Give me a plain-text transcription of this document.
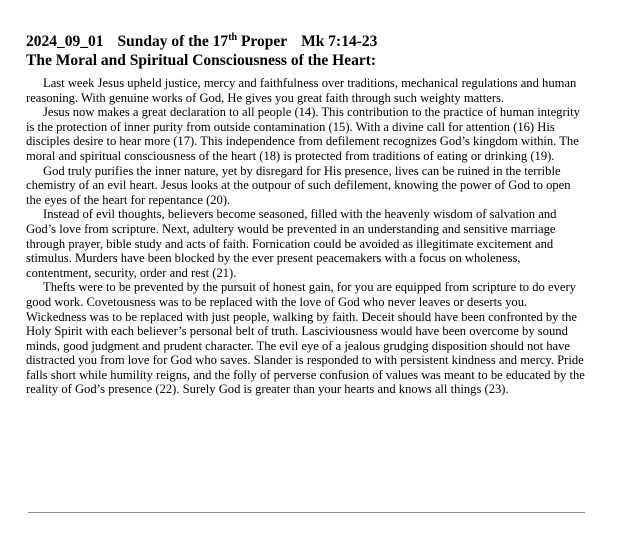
2024_09_01 Sunday of the 17th Proper Mk 7:14-23
The Moral and Spiritual Consciousness of the Heart:

Last week Jesus upheld justice, mercy and faithfulness over traditions, mechanical regulations and human reasoning. With genuine works of God, He gives you great faith through such weighty matters.

Jesus now makes a great declaration to all people (14). This contribution to the practice of human integrity is the protection of inner purity from outside contamination (15). With a divine call for attention (16) His disciples desire to hear more (17). This independence from defilement recognizes God’s kingdom within. The moral and spiritual consciousness of the heart (18) is protected from traditions of eating or drinking (19).

God truly purifies the inner nature, yet by disregard for His presence, lives can be ruined in the terrible chemistry of an evil heart. Jesus looks at the outpour of such defilement, knowing the power of God to open the eyes of the heart for repentance (20).

Instead of evil thoughts, believers become seasoned, filled with the heavenly wisdom of salvation and God’s love from scripture. Next, adultery would be prevented in an understanding and sensitive marriage through prayer, bible study and acts of faith. Fornication could be avoided as illegitimate excitement and stimulus. Murders have been blocked by the ever present peacemakers with a focus on wholeness, contentment, security, order and rest (21).

Thefts were to be prevented by the pursuit of honest gain, for you are equipped from scripture to do every good work. Covetousness was to be replaced with the love of God who never leaves or deserts you. Wickedness was to be replaced with just people, walking by faith. Deceit should have been confronted by the Holy Spirit with each believer’s personal belt of truth. Lasciviousness would have been overcome by sound minds, good judgment and prudent character. The evil eye of a jealous grudging disposition should not have distracted you from love for God who saves. Slander is responded to with persistent kindness and mercy. Pride falls short while humility reigns, and the folly of perverse confusion of values was meant to be educated by the reality of God’s presence (22). Surely God is greater than your hearts and knows all things (23).
